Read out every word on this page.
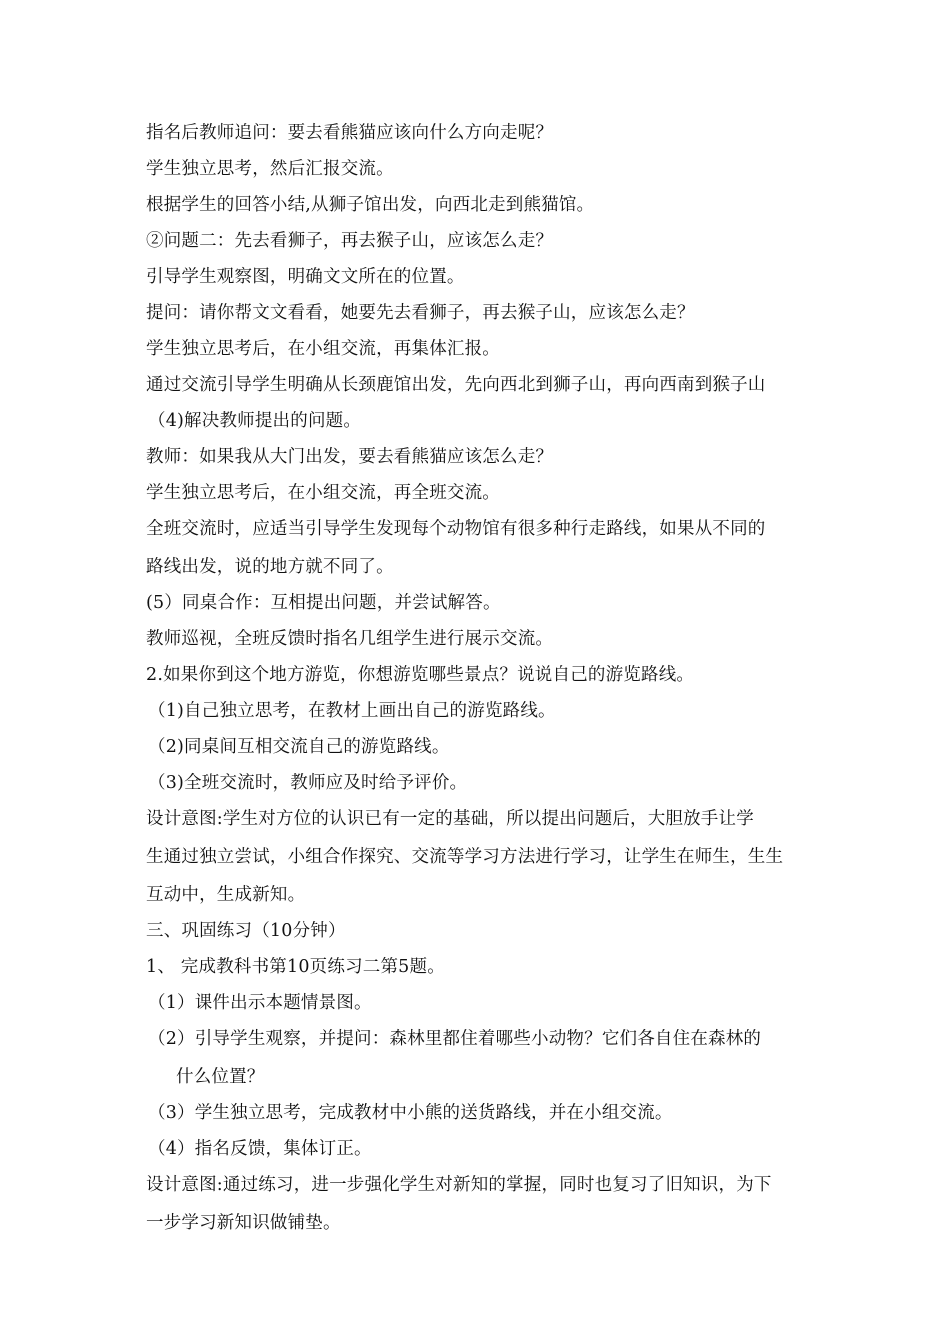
指名后教师追问：要去看熊猫应该向什么方向走呢？
学生独立思考，然后汇报交流。
根据学生的回答小结,从狮子馆出发，向西北走到熊猫馆。
②问题二：先去看狮子，再去猴子山，应该怎么走？
引导学生观察图，明确文文所在的位置。
提问：请你帮文文看看，她要先去看狮子，再去猴子山，应该怎么走？
学生独立思考后，在小组交流，再集体汇报。
通过交流引导学生明确从长颈鹿馆出发，先向西北到狮子山，再向西南到猴子山
（4)解决教师提出的问题。
教师：如果我从大门出发，要去看熊猫应该怎么走？
学生独立思考后，在小组交流，再全班交流。
全班交流时，应适当引导学生发现每个动物馆有很多种行走路线，如果从不同的
路线出发，说的地方就不同了。
(5）同桌合作：互相提出问题，并尝试解答。
教师巡视，全班反馈时指名几组学生进行展示交流。
2.如果你到这个地方游览，你想游览哪些景点？说说自己的游览路线。
（1)自己独立思考，在教材上画出自己的游览路线。
（2)同桌间互相交流自己的游览路线。
（3)全班交流时，教师应及时给予评价。
设计意图:学生对方位的认识已有一定的基础，所以提出问题后，大胆放手让学
生通过独立尝试，小组合作探究、交流等学习方法进行学习，让学生在师生，生生
互动中，生成新知。
三、巩固练习（10分钟）
1、 完成教科书第10页练习二第5题。
（1）课件出示本题情景图。
（2）引导学生观察，并提问：森林里都住着哪些小动物？它们各自住在森林的
什么位置？
（3）学生独立思考，完成教材中小熊的送货路线，并在小组交流。
（4）指名反馈，集体订正。
设计意图:通过练习，进一步强化学生对新知的掌握，同时也复习了旧知识，为下
一步学习新知识做铺垫。
